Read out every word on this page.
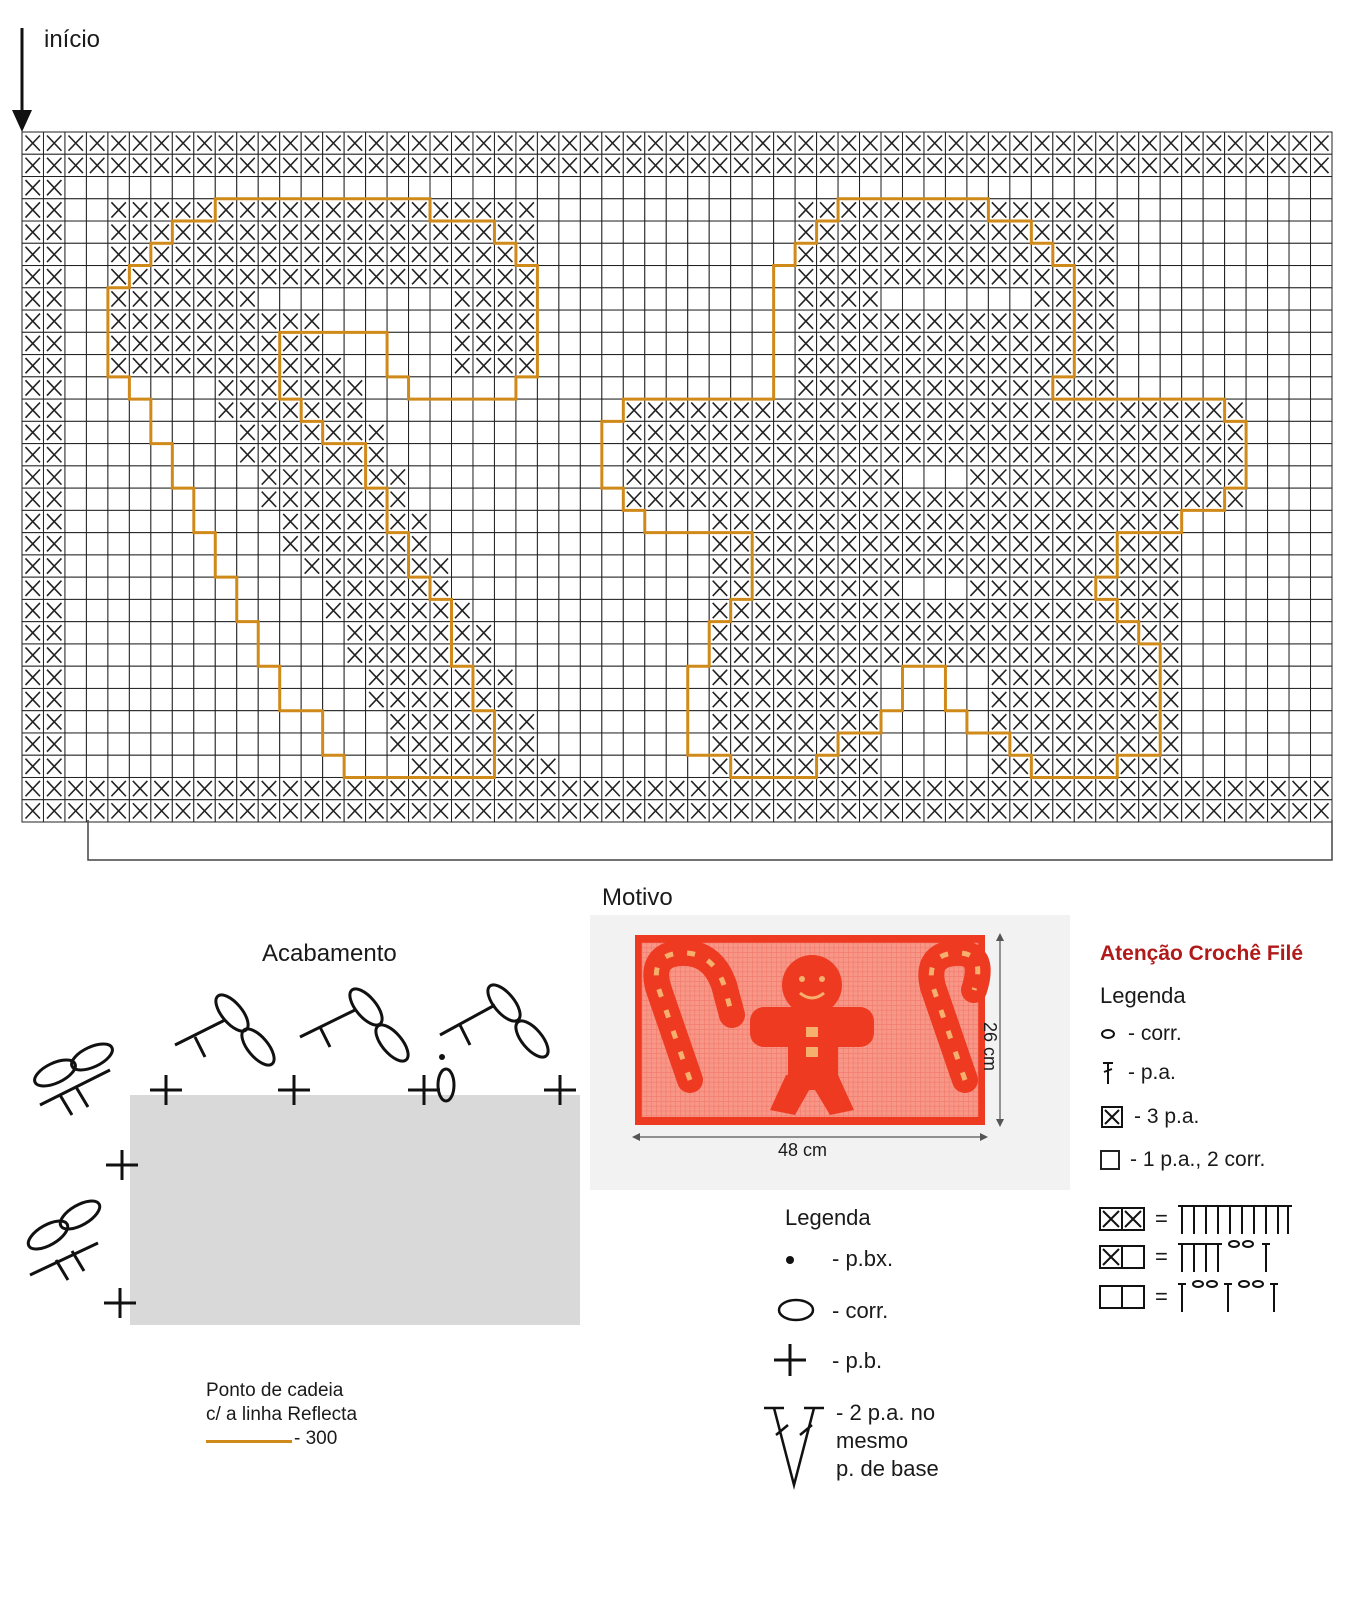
início
Motivo
48 cm
26 cm
Acabamento
Ponto de cadeia
c/ a linha Reflecta
- 300
Atenção Crochê Filé
Legenda
- corr.
- p.a.
- 3 p.a.
- 1 p.a., 2 corr.
=
=
=
Legenda
- p.bx.
- corr.
- p.b.
- 2 p.a. no
mesmo
p. de base
